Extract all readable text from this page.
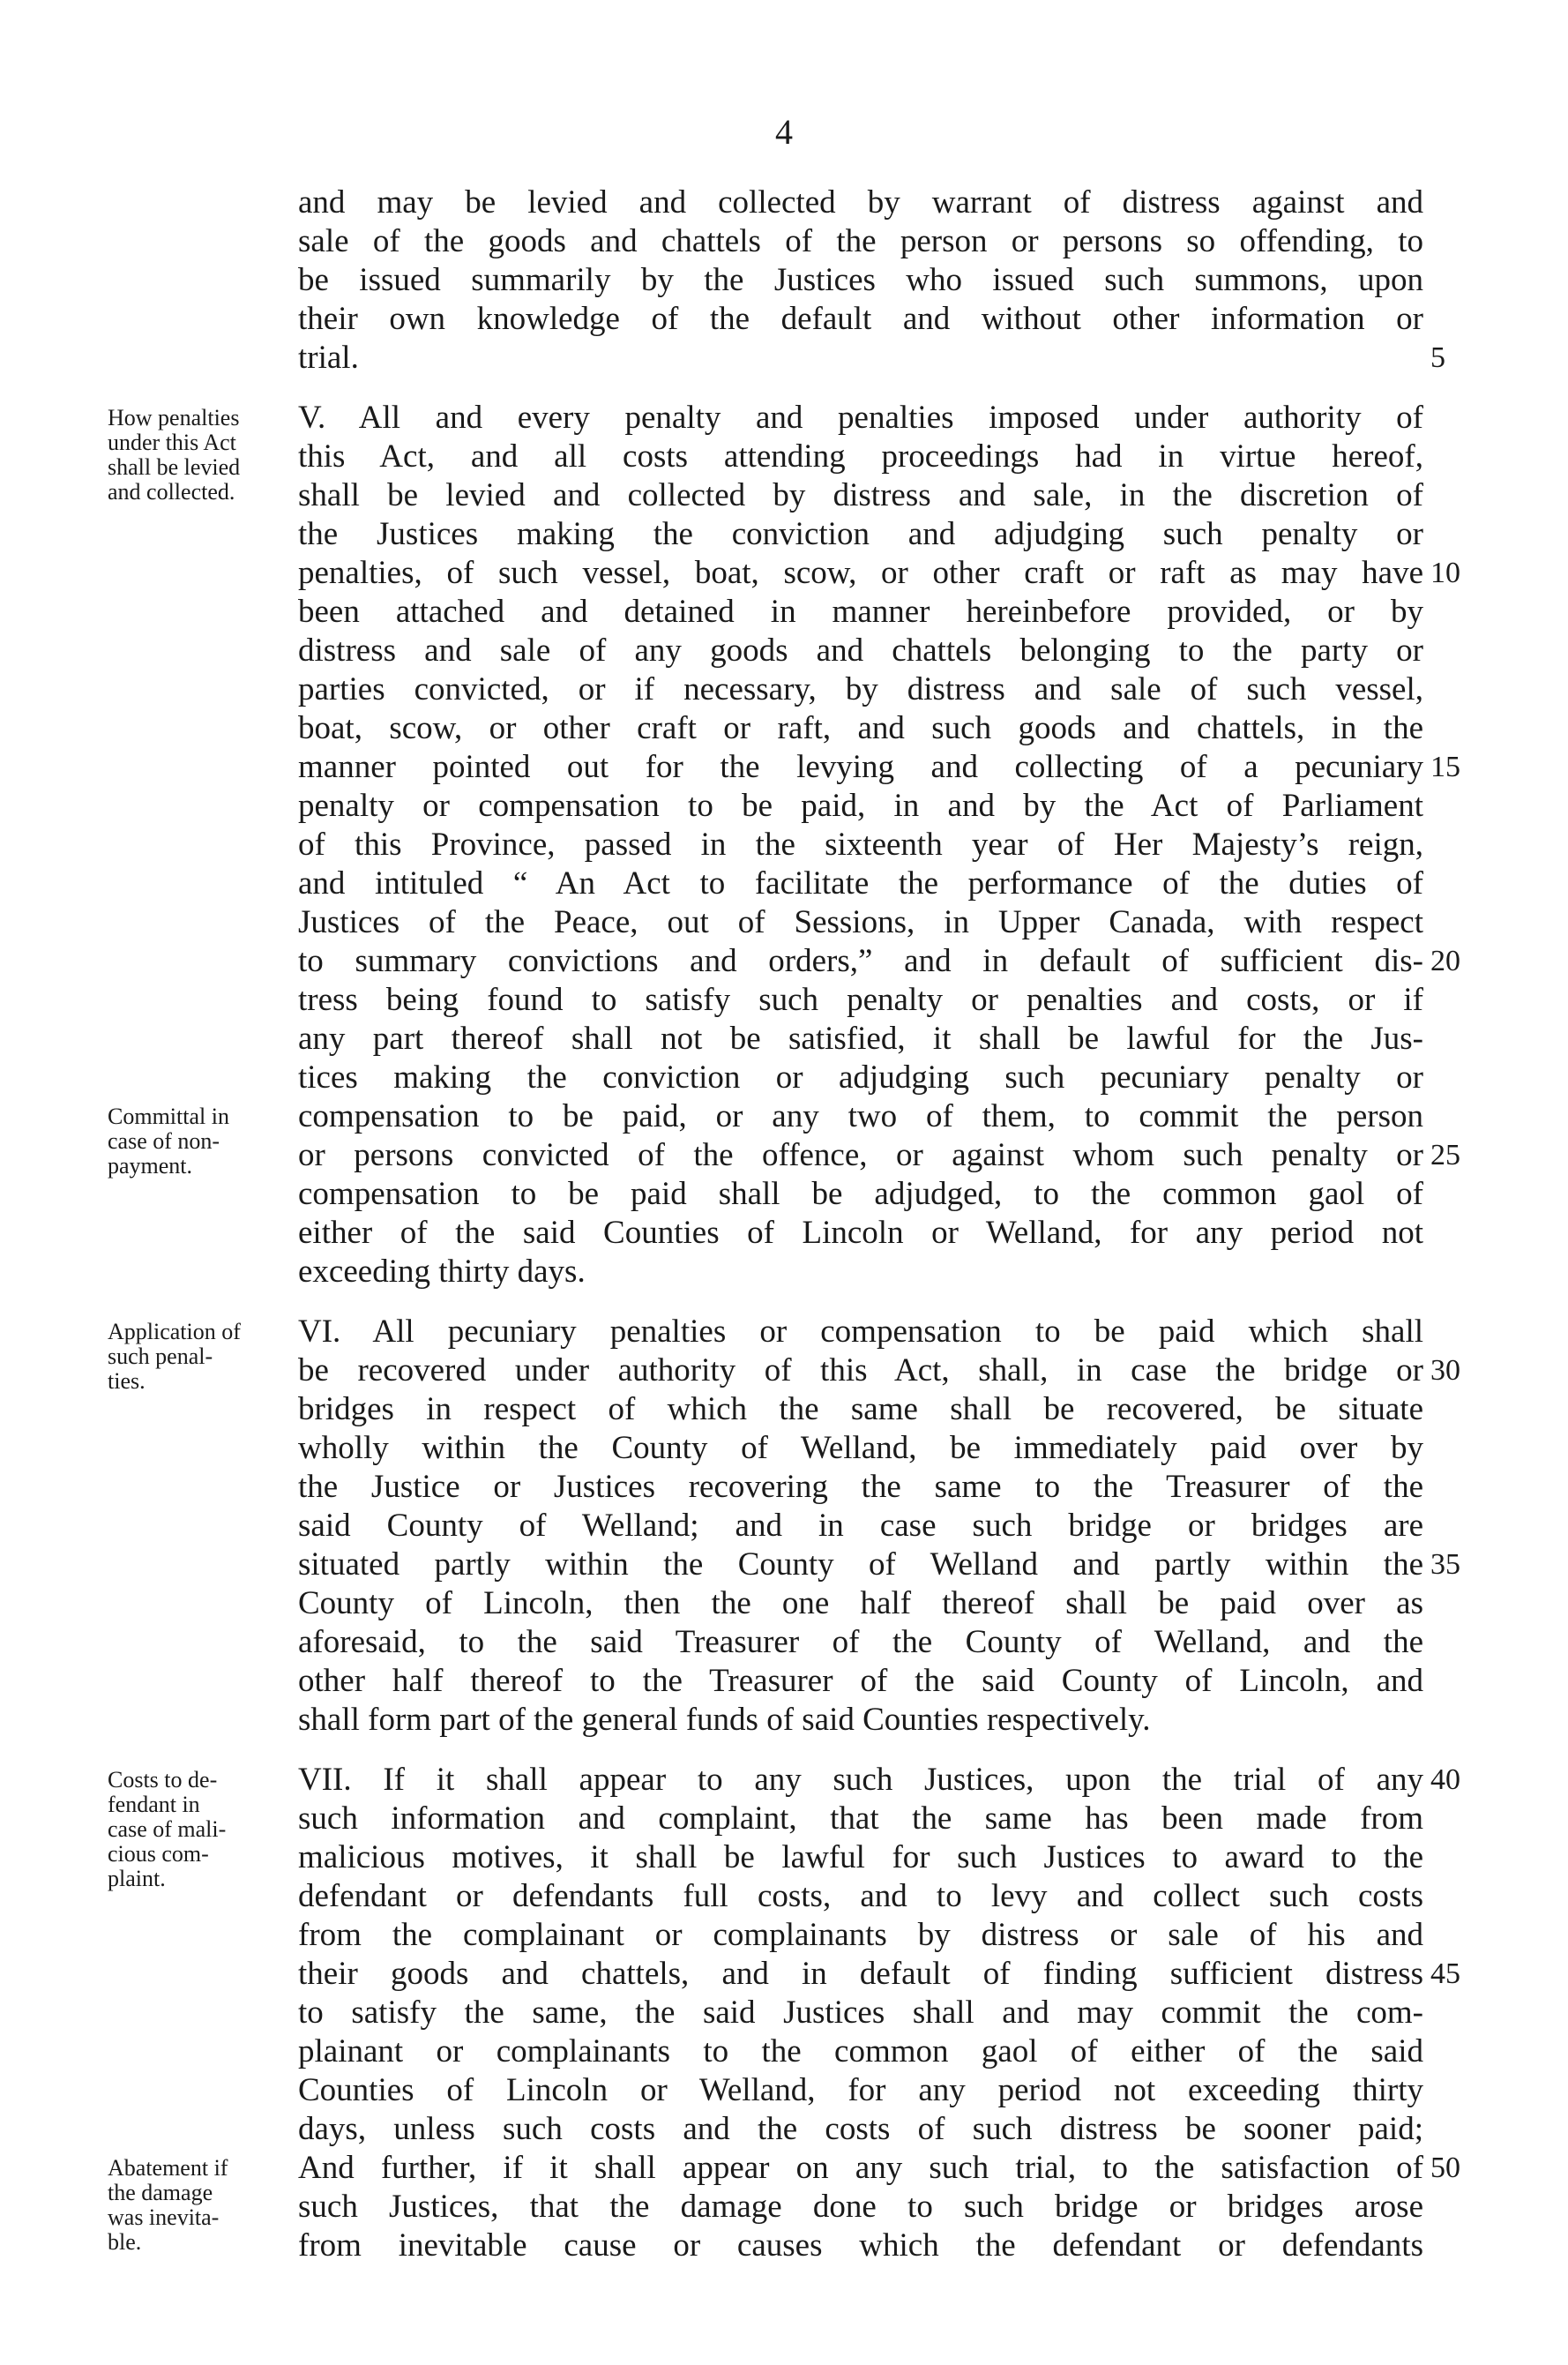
4
and may be levied and collected by warrant of distress against and
sale of the goods and chattels of the person or persons so offending, to
be issued summarily by the Justices who issued such summons, upon
their own knowledge of the default and without other information or
trial.
V. All and every penalty and penalties imposed under authority of
this Act, and all costs attending proceedings had in virtue hereof,
shall be levied and collected by distress and sale, in the discretion of
the Justices making the conviction and adjudging such penalty or
penalties, of such vessel, boat, scow, or other craft or raft as may have
been attached and detained in manner hereinbefore provided, or by
distress and sale of any goods and chattels belonging to the party or
parties convicted, or if necessary, by distress and sale of such vessel,
boat, scow, or other craft or raft, and such goods and chattels, in the
manner pointed out for the levying and collecting of a pecuniary
penalty or compensation to be paid, in and by the Act of Parliament
of this Province, passed in the sixteenth year of Her Majesty’s reign,
and intituled “ An Act to facilitate the performance of the duties of
Justices of the Peace, out of Sessions, in Upper Canada, with respect
to summary convictions and orders,” and in default of sufficient dis-
tress being found to satisfy such penalty or penalties and costs, or if
any part thereof shall not be satisfied, it shall be lawful for the Jus-
tices making the conviction or adjudging such pecuniary penalty or
compensation to be paid, or any two of them, to commit the person
or persons convicted of the offence, or against whom such penalty or
compensation to be paid shall be adjudged, to the common gaol of
either of the said Counties of Lincoln or Welland, for any period not
exceeding thirty days.
VI. All pecuniary penalties or compensation to be paid which shall
be recovered under authority of this Act, shall, in case the bridge or
bridges in respect of which the same shall be recovered, be situate
wholly within the County of Welland, be immediately paid over by
the Justice or Justices recovering the same to the Treasurer of the
said County of Welland; and in case such bridge or bridges are
situated partly within the County of Welland and partly within the
County of Lincoln, then the one half thereof shall be paid over as
aforesaid, to the said Treasurer of the County of Welland, and the
other half thereof to the Treasurer of the said County of Lincoln, and
shall form part of the general funds of said Counties respectively.
VII. If it shall appear to any such Justices, upon the trial of any
such information and complaint, that the same has been made from
malicious motives, it shall be lawful for such Justices to award to the
defendant or defendants full costs, and to levy and collect such costs
from the complainant or complainants by distress or sale of his and
their goods and chattels, and in default of finding sufficient distress
to satisfy the same, the said Justices shall and may commit the com-
plainant or complainants to the common gaol of either of the said
Counties of Lincoln or Welland, for any period not exceeding thirty
days, unless such costs and the costs of such distress be sooner paid;
And further, if it shall appear on any such trial, to the satisfaction of
such Justices, that the damage done to such bridge or bridges arose
from inevitable cause or causes which the defendant or defendants
5
10
15
20
25
30
35
40
45
50
How penalties
under this Act
shall be levied
and collected.
Committal in
case of non-
payment.
Application of
such penal-
ties.
Costs to de-
fendant in
case of mali-
cious com-
plaint.
Abatement if
the damage
was inevita-
ble.
